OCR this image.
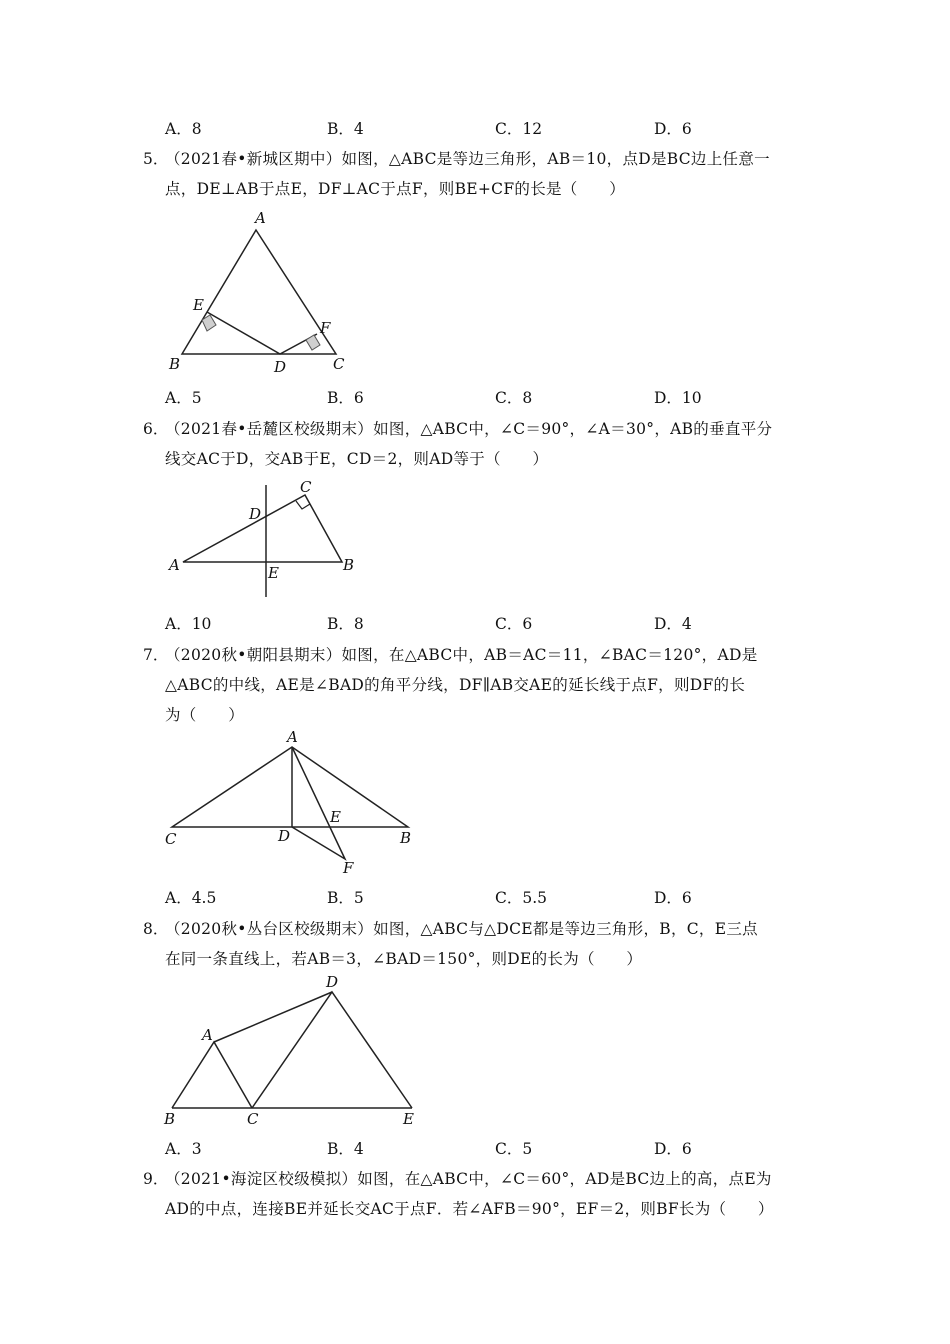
A．8	B．4	C．12	D．6
5．
（2021春•新城区期中）如图，△ABC是等边三角形，AB＝10，点D是BC边上任意一
点，DE⊥AB于点E，DF⊥AC于点F，则BE+CF的长是（　　）
A
E
F
B	D	C
A．5	B．6	C．8	D．10
6．
（2021春•岳麓区校级期末）如图，△ABC中，∠C＝90°，∠A＝30°，AB的垂直平分
线交AC于D，交AB于E，CD＝2，则AD等于（　　）
C
D
A	E	B
A．10	B．8	C．6	D．4
7．
（2020秋•朝阳县期末）如图，在△ABC中，AB＝AC＝11，∠BAC＝120°，AD是
△ABC的中线，AE是∠BAD的角平分线，DF∥AB交AE的延长线于点F，则DF的长
为（　　）
A
E
C	D	B
F
A．4.5	B．5	C．5.5	D．6
8．
（2020秋•丛台区校级期末）如图，△ABC与△DCE都是等边三角形，B，C，E三点
在同一条直线上，若AB＝3，∠BAD＝150°，则DE的长为（　　）
D
A
B	C	E
A．3	B．4	C．5	D．6
9．
（2021•海淀区校级模拟）如图，在△ABC中，∠C＝60°，AD是BC边上的高，点E为
AD的中点，连接BE并延长交AC于点F．若∠AFB＝90°，EF＝2，则BF长为（　　）
